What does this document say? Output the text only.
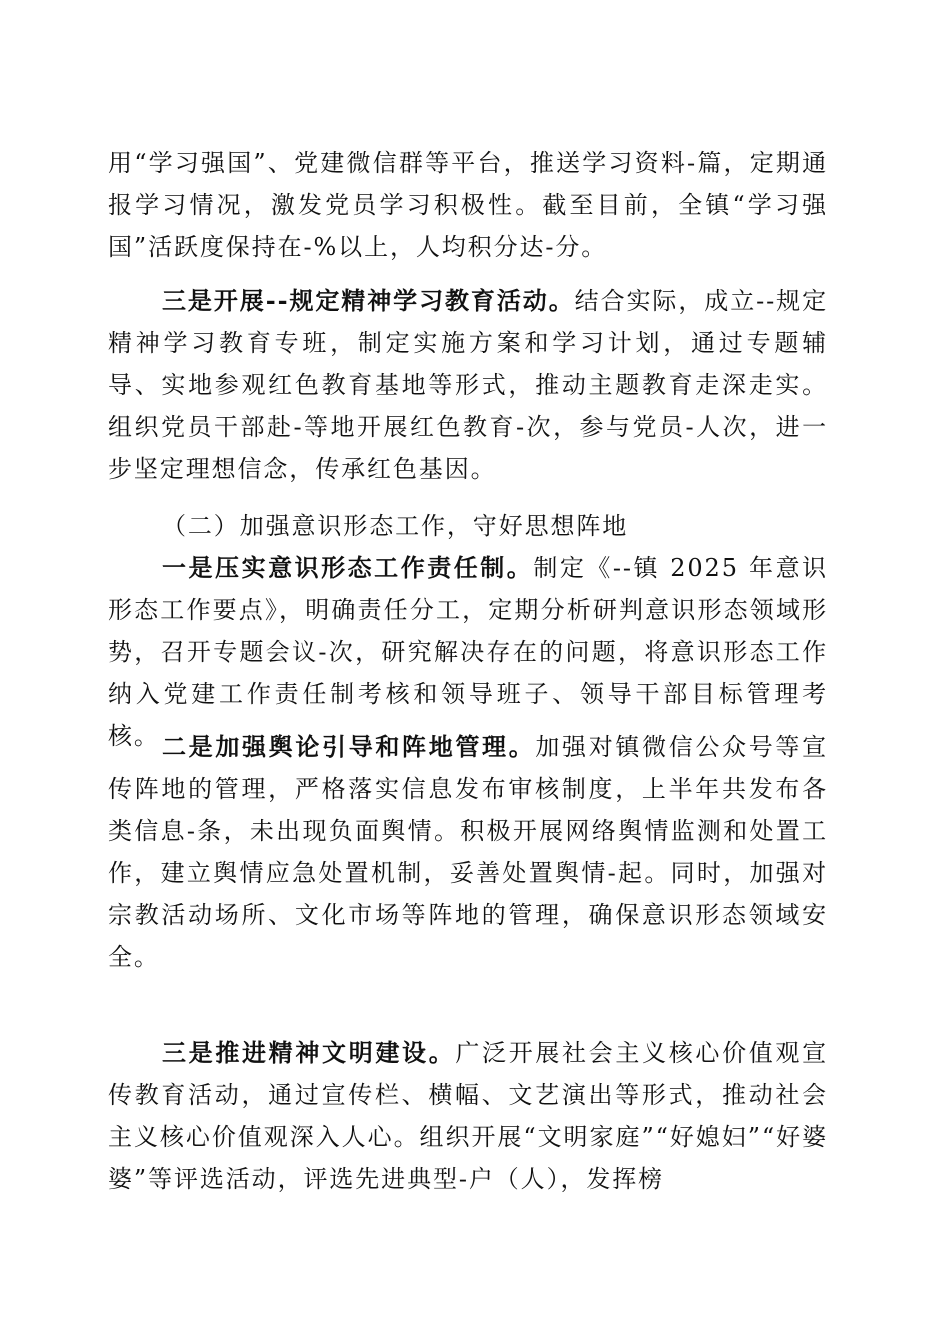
用“学习强国”、党建微信群等平台，推送学习资料-篇，定期通报学习情况，激发党员学习积极性。截至目前，全镇“学习强国”活跃度保持在-%以上，人均积分达-分。

三是开展--规定精神学习教育活动。结合实际，成立--规定精神学习教育专班，制定实施方案和学习计划，通过专题辅导、实地参观红色教育基地等形式，推动主题教育走深走实。组织党员干部赴-等地开展红色教育-次，参与党员-人次，进一步坚定理想信念，传承红色基因。

（二）加强意识形态工作，守好思想阵地

一是压实意识形态工作责任制。制定《--镇 2025 年意识形态工作要点》，明确责任分工，定期分析研判意识形态领域形势，召开专题会议-次，研究解决存在的问题，将意识形态工作纳入党建工作责任制考核和领导班子、领导干部目标管理考核。 二是加强舆论引导和阵地管理。加强对镇微信公众号等宣传阵地的管理，严格落实信息发布审核制度，上半年共发布各类信息-条，未出现负面舆情。积极开展网络舆情监测和处置工作，建立舆情应急处置机制，妥善处置舆情-起。同时，加强对宗教活动场所、文化市场等阵地的管理，确保意识形态领域安全。

三是推进精神文明建设。广泛开展社会主义核心价值观宣传教育活动，通过宣传栏、横幅、文艺演出等形式，推动社会主义核心价值观深入人心。组织开展“文明家庭”“好媳妇”“好婆婆”等评选活动，评选先进典型-户（人），发挥榜
